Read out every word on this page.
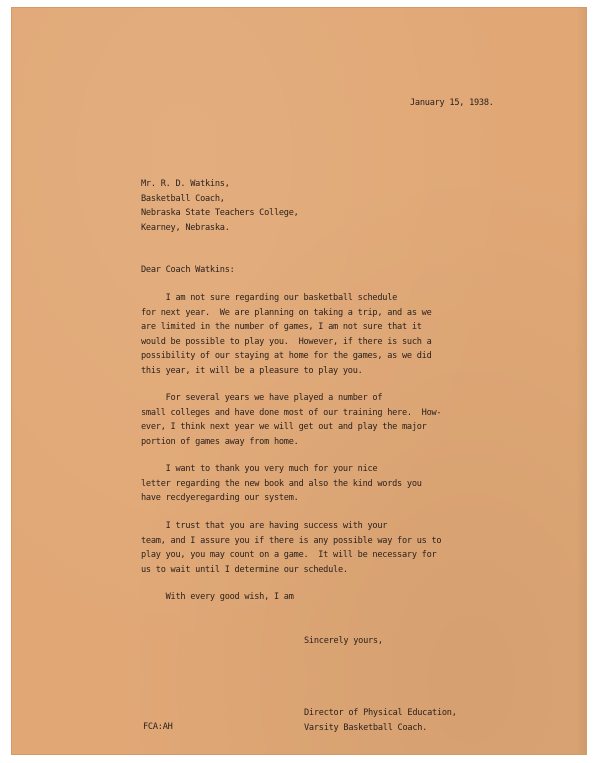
January 15, 1938.
Mr. R. D. Watkins,
Basketball Coach,
Nebraska State Teachers College,
Kearney, Nebraska.
Dear Coach Watkins:
I am not sure regarding our basketball schedule
for next year.  We are planning on taking a trip, and as we
are limited in the number of games, I am not sure that it
would be possible to play you.  However, if there is such a
possibility of our staying at home for the games, as we did
this year, it will be a pleasure to play you.
For several years we have played a number of
small colleges and have done most of our training here.  How-
ever, I think next year we will get out and play the major
portion of games away from home.
I want to thank you very much for your nice
letter regarding the new book and also the kind words you
have recdyeregarding our system.
I trust that you are having success with your
team, and I assure you if there is any possible way for us to
play you, you may count on a game.  It will be necessary for
us to wait until I determine our schedule.
With every good wish, I am
Sincerely yours,
Director of Physical Education,
Varsity Basketball Coach.
FCA:AH
